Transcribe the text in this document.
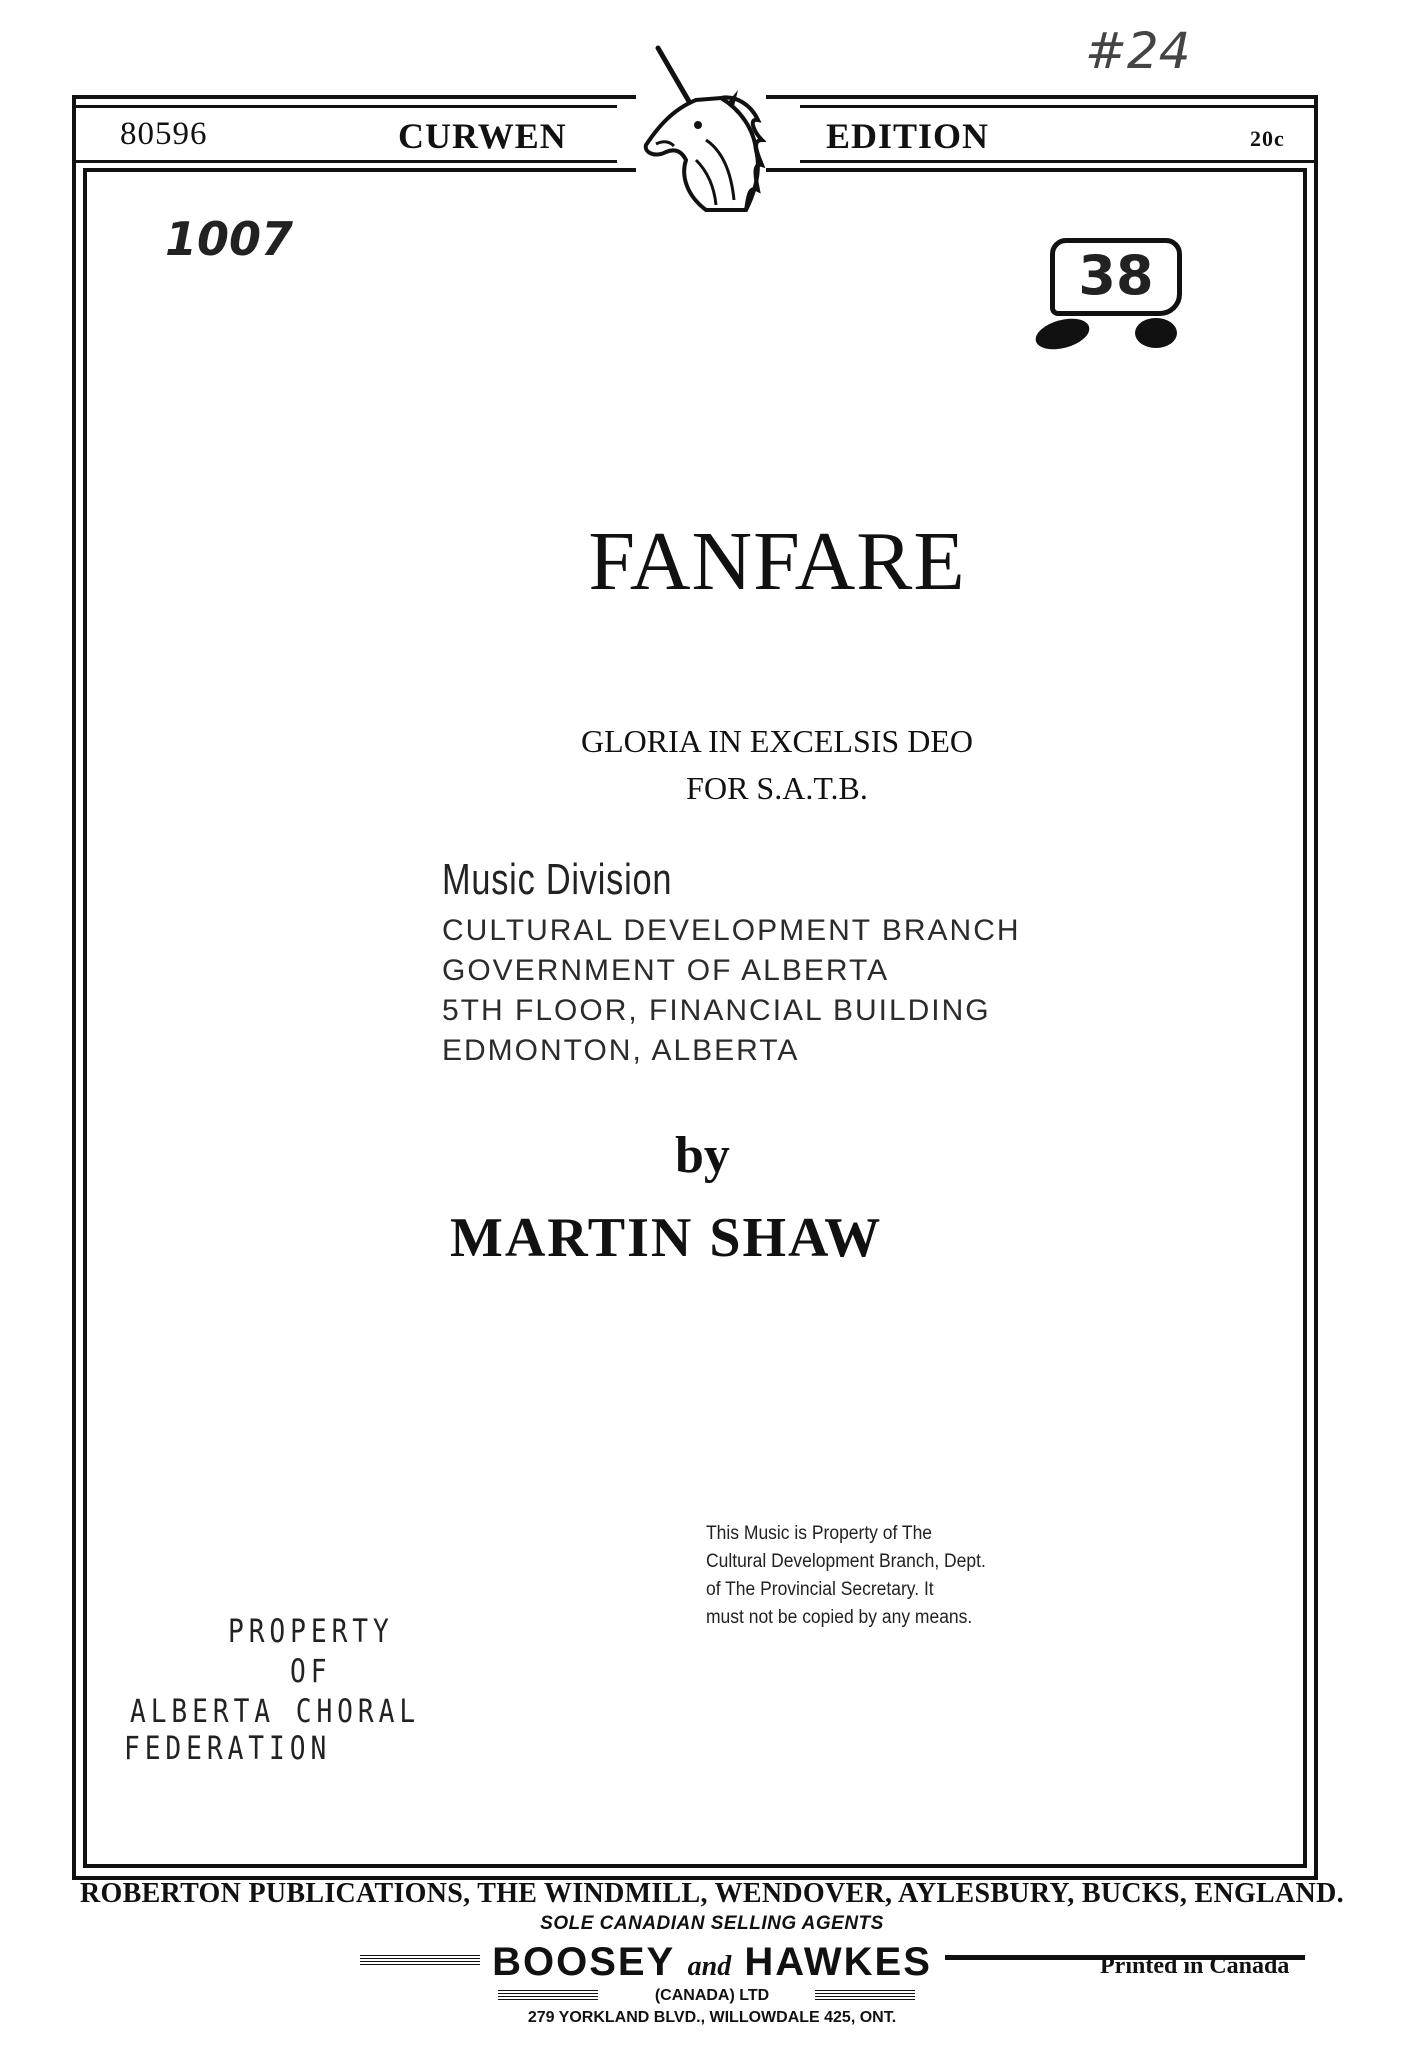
#24
1007
38
80596	CURWEN	EDITION	20c
FANFARE
GLORIA IN EXCELSIS DEO
FOR S.A.T.B.
Music Division
CULTURAL DEVELOPMENT BRANCH
GOVERNMENT OF ALBERTA
5TH FLOOR, FINANCIAL BUILDING
EDMONTON, ALBERTA
by
MARTIN SHAW
This Music is Property of The
Cultural Development Branch, Dept.
of The Provincial Secretary. It
must not be copied by any means.
PROPERTY
OF
ALBERTA CHORAL
FEDERATION
ROBERTON PUBLICATIONS, THE WINDMILL, WENDOVER, AYLESBURY, BUCKS, ENGLAND.
SOLE CANADIAN SELLING AGENTS
BOOSEY and HAWKES
(CANADA) LTD
279 YORKLAND BLVD., WILLOWDALE 425, ONT.
Printed in Canada
